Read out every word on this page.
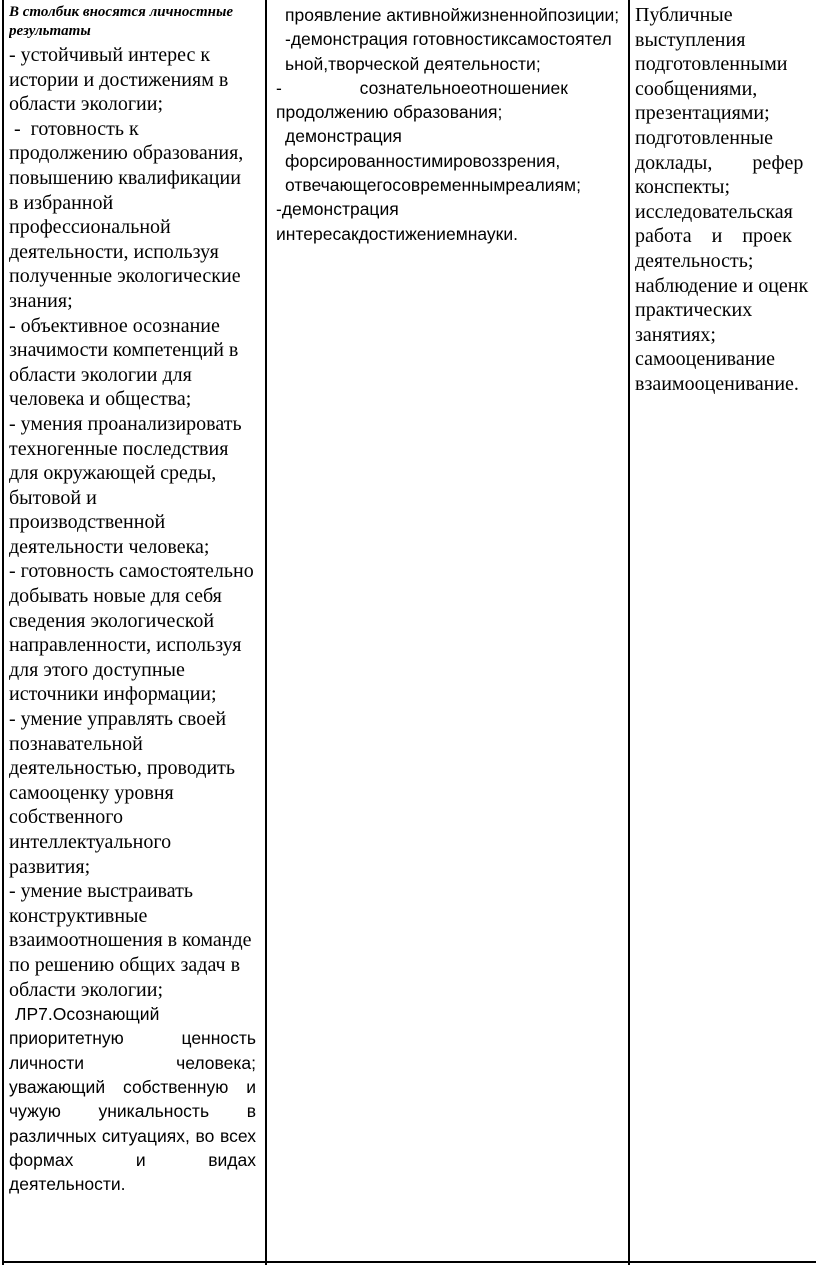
В столбик вносятся личностные результаты

- устойчивый интерес к истории и достижениям в области экологии;

-  готовность к продолжению образования, повышению квалификации  в избранной профессиональной деятельности, используя полученные экологические знания;

- объективное осознание значимости компетенций в области экологии для человека и общества;

- умения проанализировать техногенные последствия для окружающей среды, бытовой и производственной деятельности человека;

- готовность самостоятельно добывать новые для себя сведения экологической направленности, используя для этого доступные источники информации;

- умение управлять своей познавательной деятельностью, проводить самооценку уровня собственного интеллектуального развития;

- умение выстраивать конструктивные взаимоотношения в команде по решению общих задач в области экологии;

ЛР7.Осознающий приоритетную ценность личности человека; уважающий собственную и чужую уникальность в различных ситуациях, во всех формах и видах деятельности.

проявление активнойжизненнойпозиции;

-демонстрация готовностиксамостоятельной,творческой деятельности;

-                сознательноеотношениек продолжению образования;

демонстрация форсированностимировоззрения, отвечающегосовременнымреалиям;

-демонстрация интересакдостижениемнауки.

Публичные

выступления

подготовленными

сообщениями,

презентациями;

подготовленные

доклады,        рефер

конспекты;

исследовательская

работа    и    проек

деятельность;

наблюдение и оценк

практических

занятиях;

самооценивание

взаимооценивание.
